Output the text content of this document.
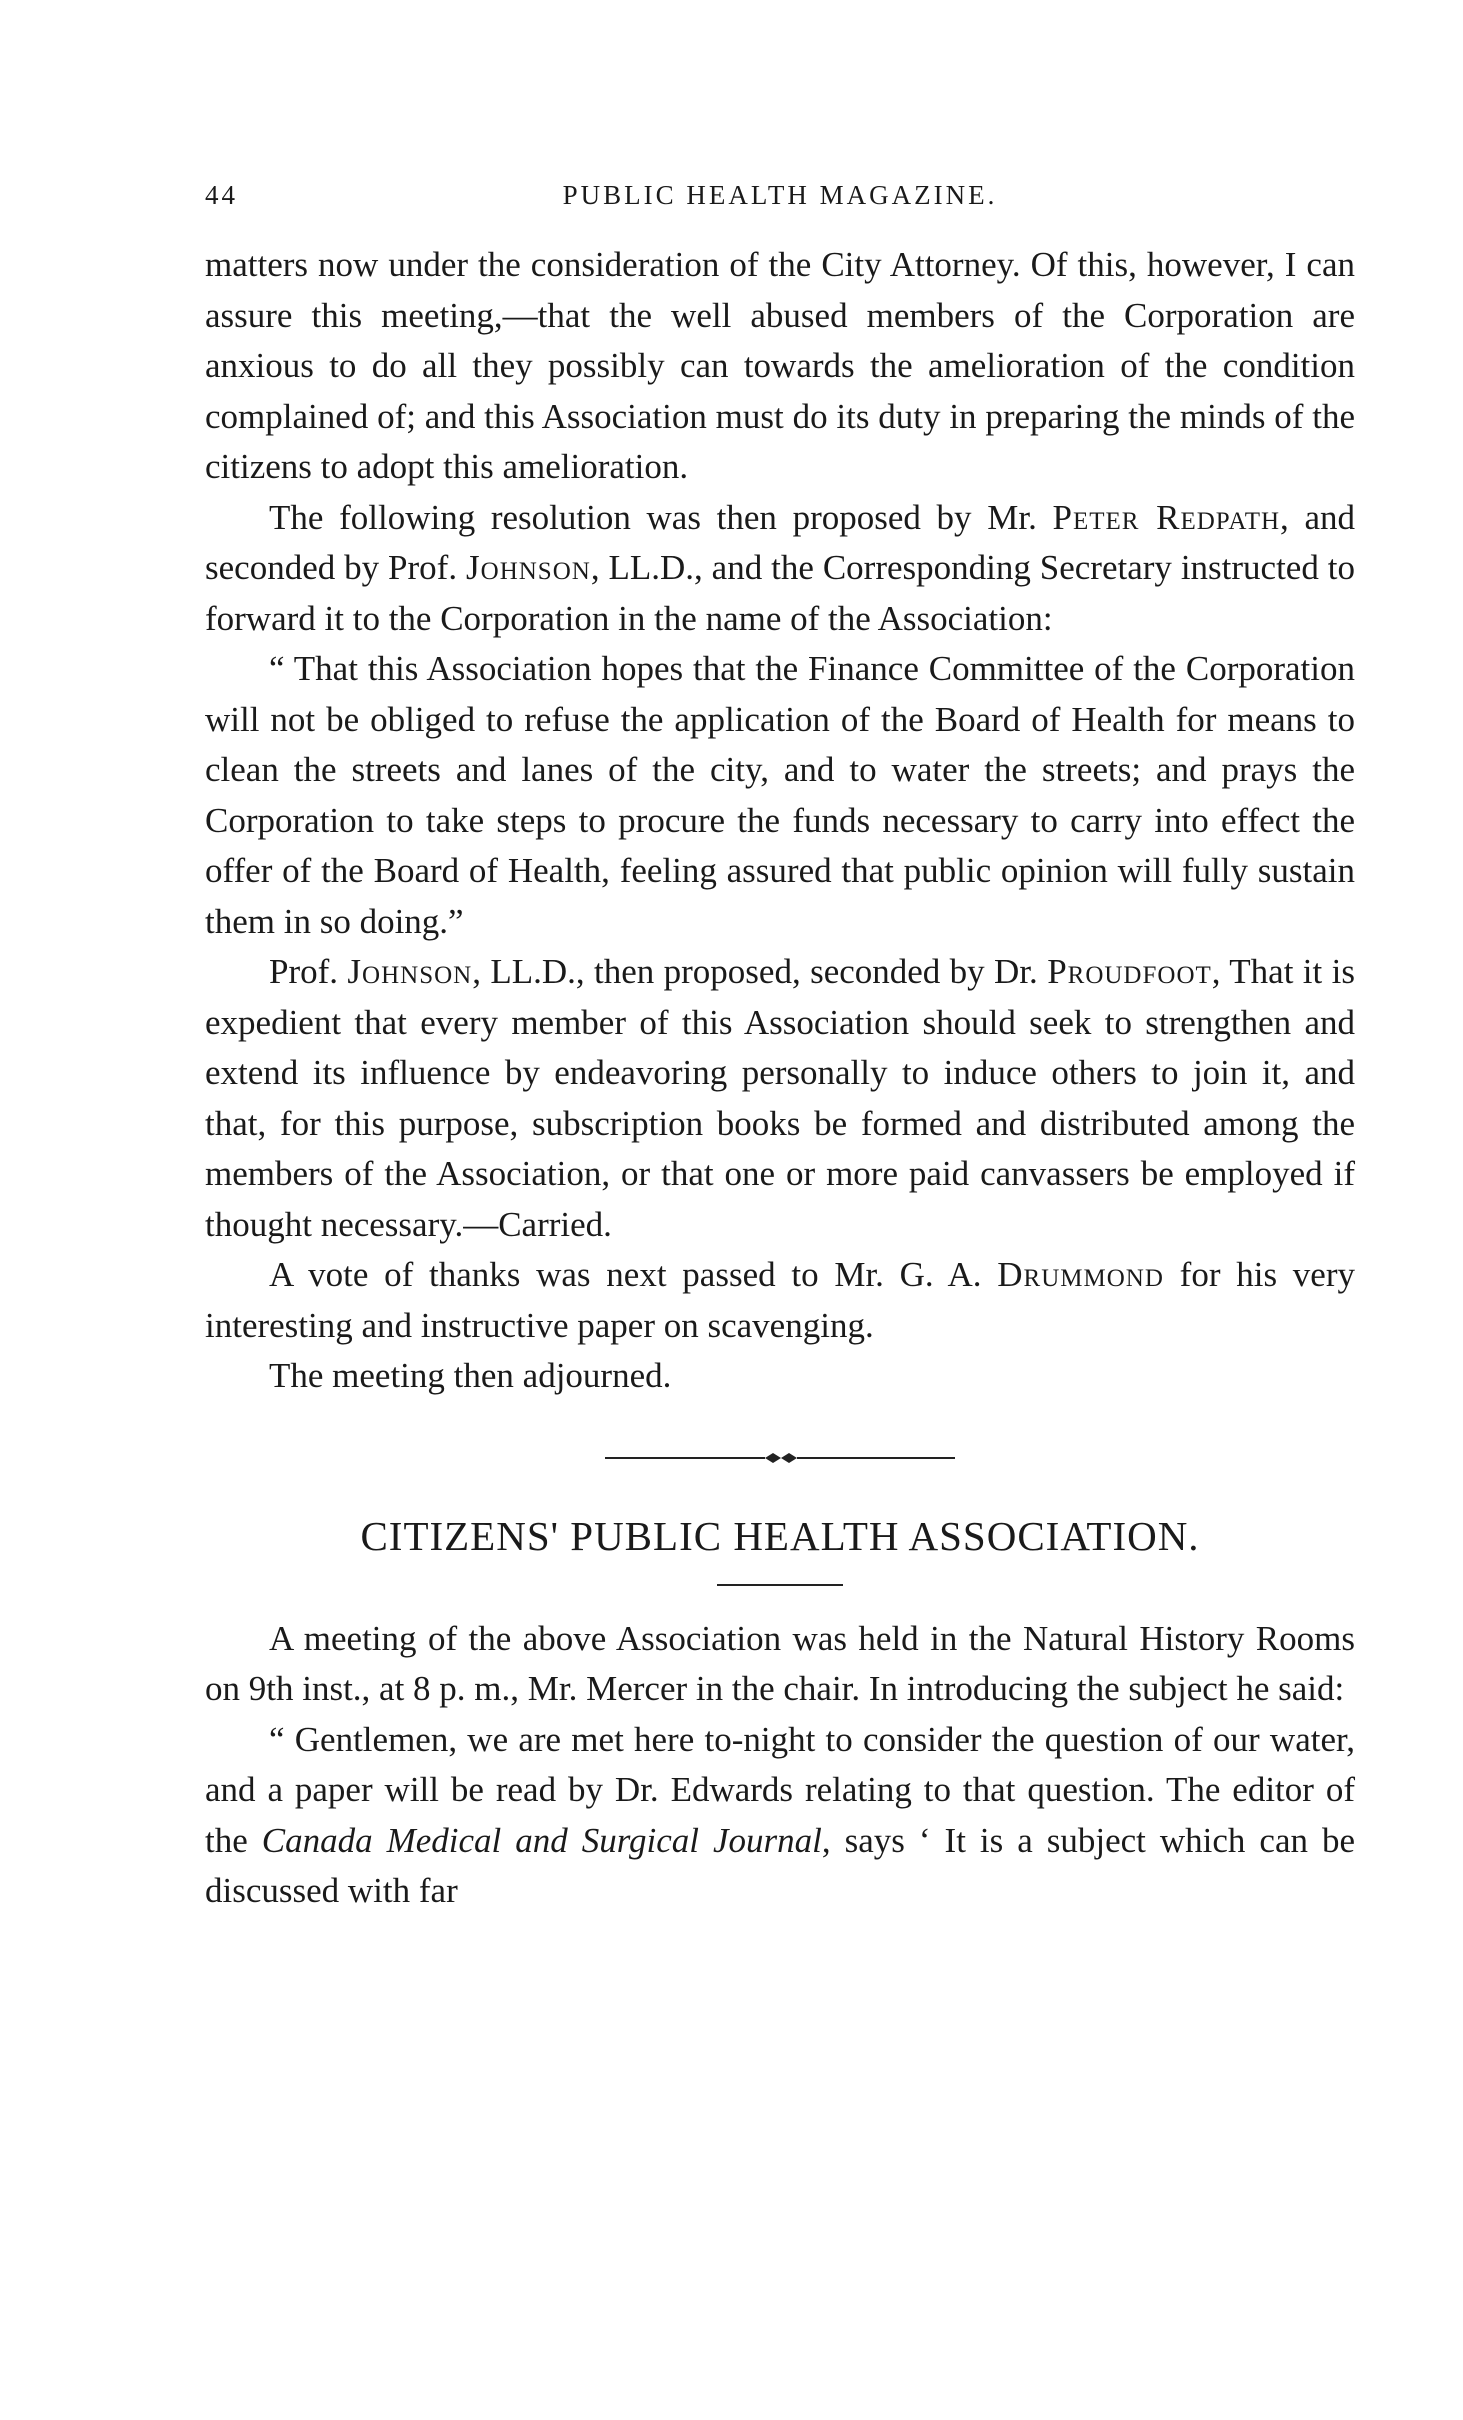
44	PUBLIC HEALTH MAGAZINE.

matters now under the consideration of the City Attorney. Of this, however, I can assure this meeting,—that the well abused members of the Corporation are anxious to do all they possibly can towards the amelioration of the condition complained of; and this Association must do its duty in preparing the minds of the citizens to adopt this amelioration.

The following resolution was then proposed by Mr. Peter Redpath, and seconded by Prof. Johnson, LL.D., and the Corresponding Secretary instructed to forward it to the Corporation in the name of the Association:

“ That this Association hopes that the Finance Committee of the Corporation will not be obliged to refuse the application of the Board of Health for means to clean the streets and lanes of the city, and to water the streets; and prays the Corporation to take steps to procure the funds necessary to carry into effect the offer of the Board of Health, feeling assured that public opinion will fully sustain them in so doing.”

Prof. Johnson, LL.D., then proposed, seconded by Dr. Proudfoot, That it is expedient that every member of this Association should seek to strengthen and extend its influence by endeavoring personally to induce others to join it, and that, for this purpose, subscription books be formed and distributed among the members of the Association, or that one or more paid canvassers be employed if thought necessary.—Carried.

A vote of thanks was next passed to Mr. G. A. Drummond for his very interesting and instructive paper on scavenging.

The meeting then adjourned.

CITIZENS' PUBLIC HEALTH ASSOCIATION.

A meeting of the above Association was held in the Natural History Rooms on 9th inst., at 8 p. m., Mr. Mercer in the chair. In introducing the subject he said:

“ Gentlemen, we are met here to-night to consider the question of our water, and a paper will be read by Dr. Edwards relating to that question. The editor of the Canada Medical and Surgical Journal, says ‘ It is a subject which can be discussed with far
